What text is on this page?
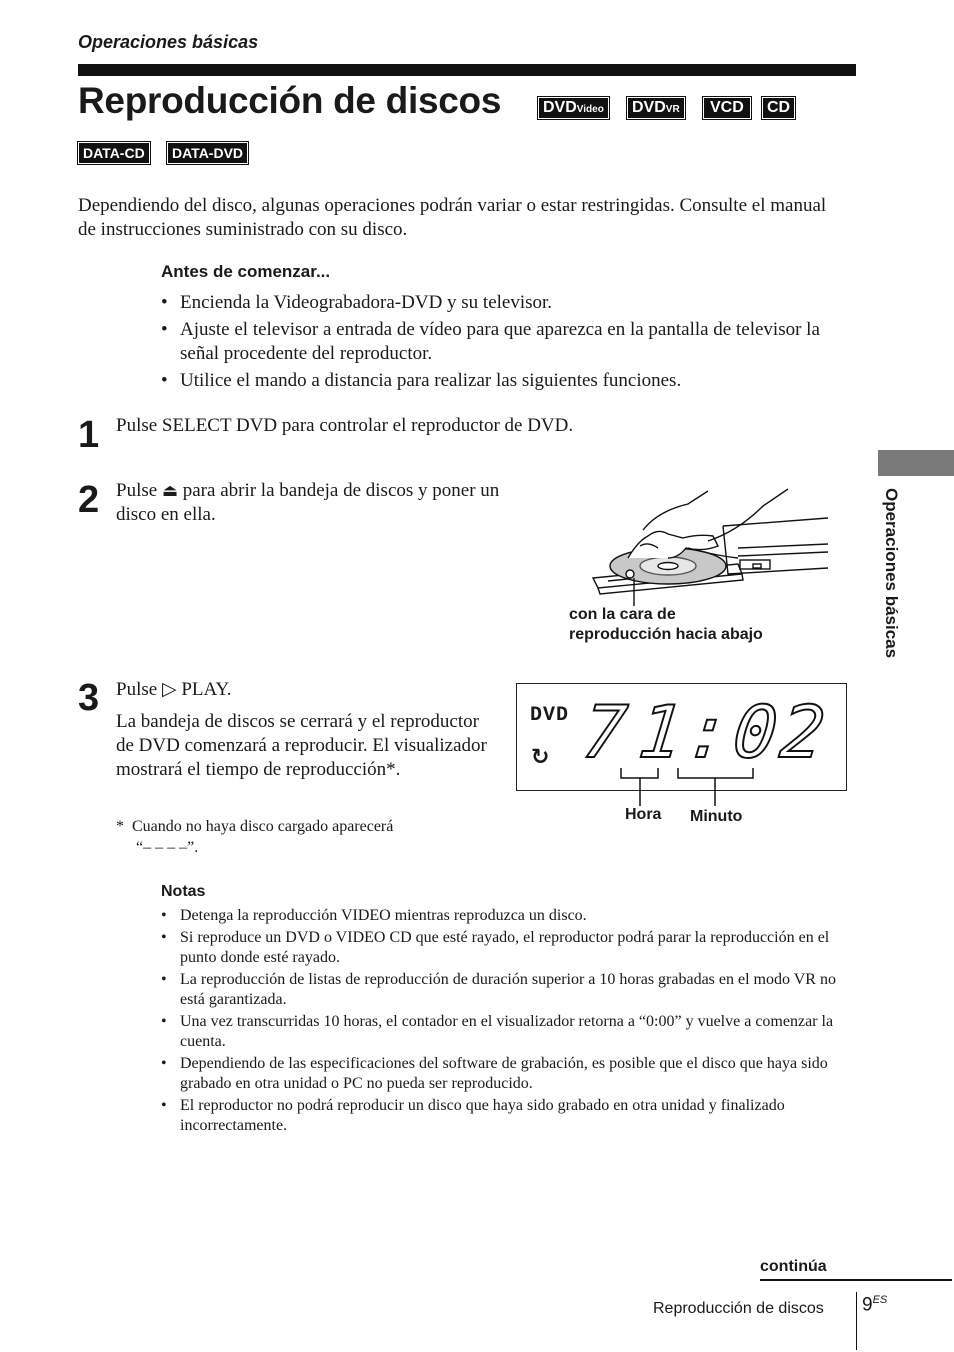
Operaciones básicas
Reproducción de discos	DVDVideo	DVDVR	VCD	CD
DATA-CD	DATA-DVD
Dependiendo del disco, algunas operaciones podrán variar o estar restringidas. Consulte el manual de instrucciones suministrado con su disco.
Antes de comenzar...
• Encienda la Videograbadora-DVD y su televisor.
• Ajuste el televisor a entrada de vídeo para que aparezca en la pantalla de televisor la señal procedente del reproductor.
• Utilice el mando a distancia para realizar las siguientes funciones.
1 Pulse SELECT DVD para controlar el reproductor de DVD.
2 Pulse ⏏ para abrir la bandeja de discos y poner un disco en ella.
con la cara de
reproducción hacia abajo
3 Pulse ▷ PLAY.
La bandeja de discos se cerrará y el reproductor de DVD comenzará a reproducir. El visualizador mostrará el tiempo de reproducción*.
* Cuando no haya disco cargado aparecerá
“– – – –”.
DVD
↻ 7 1:02
Hora Minuto
Notas
• Detenga la reproducción VIDEO mientras reproduzca un disco.
• Si reproduce un DVD o VIDEO CD que esté rayado, el reproductor podrá parar la reproducción en el punto donde esté rayado.
• La reproducción de listas de reproducción de duración superior a 10 horas grabadas en el modo VR no está garantizada.
• Una vez transcurridas 10 horas, el contador en el visualizador retorna a “0:00” y vuelve a comenzar la cuenta.
• Dependiendo de las especificaciones del software de grabación, es posible que el disco que haya sido grabado en otra unidad o PC no pueda ser reproducido.
• El reproductor no podrá reproducir un disco que haya sido grabado en otra unidad y finalizado incorrectamente.
Operaciones básicas
continúa
Reproducción de discos $9^{ES}$
